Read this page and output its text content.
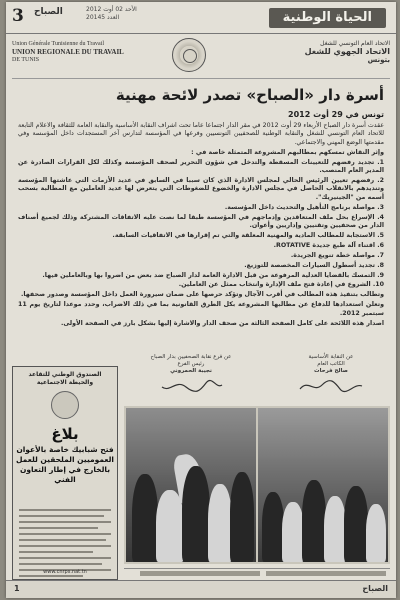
3 الصباح	الأحد 02 أوت 2012
العدد 20145	الحياة الوطنية
Union Générale Tunisienne du Travail
UNION REGIONALE DU TRAVAIL
DE TUNIS
الاتحاد العام التونسي للشغل
الاتحاد الجهوي للشغل
بتونس
أسرة دار «الصباح» تصدر لائحة مهنية
تونس في 29 أوت 2012

عقدت أسرة دار الصباح الأربعاء 29 أوت 2012 في مقر الدار اجتماعا عاما تحت اشراف النقابة الأساسية والنقابة العامة للثقافة والاعلام التابعة للاتحاد العام التونسي للشغل والنقابة الوطنية للصحفيين التونسيين وفرعها في المؤسسة لتدارس آخر المستجدات داخل المؤسسة وفي مقدمتها الوضع المهني والاجتماعي.

وإثر النقاش تمسكهم بمطالبهم المشروعة المتمثلة خاصة في :

1. تجديد رفضهم للتعيينات المسقطة والتدخل في شؤون التحرير لصحف المؤسسة وكذلك لكل القرارات الصادرة عن المدير العام المنصب.

2. رفضهم تعيين الرئيس الحالي لمجلس الادارة الذي كان سببا في السابق في عديد الأزمات التي عاشتها المؤسسة وتنديدهم بالانقلاب الحاصل في مجلس الادارة والخضوع للضغوطات التي يتعرض لها عديد العاملين مع المطالبة بسحب أسمه من "الجينيريك".

3. مواصلة برنامج التأهيل والتحديث داخل المؤسسة.

4. الإسراع بحل ملف المتعاقدين وإدماجهم في المؤسسة طبقا لما نصت عليه الاتفاقات المشتركة وذلك لجميع أصناف الدار من صحفيين وتقنيين وإداريين وأعوان.

5. الاستجابة للمطالب المادية والمهنية المعلقة والتي تم إقرارها في الاتفاقيات السابقة.

6. اقتناء آلة طبع جديدة ROTATIVE.

7. مواصلة خطة تنويع الجريدة.

8. تجديد أسطول السيارات المخصصة للتوزيع.

9. التمسك بالقضايا العدلية المرفوعة من قبل الادارة العامة لدار الصباح ضد بعض من اضروا بها وبالعاملين فيها.

10. الشروع في إعادة فتح ملف الإدارة وانتخاب ممثل عن العاملين.

وتطالب بتنفيذ هذه المطالب في أقرب الآجال وتؤكد حرصها على ضمان سيرورة العمل داخل المؤسسة وصدور صحفها.

وتعلن استعدادها للدفاع عن مطالبها المشروعة بكل الطرق القانونية بما في ذلك الاضراب، وحدد موعدا لتاريخ يوم 11 سبتمبر 2012.

اصدار هذه اللائحة على كامل الصفحة الثالثة من صحف الدار والاشارة إليها بشكل بارز في الصفحة الأولى.

عن النقابة الأساسية
الكاتب العام
صالح فرحات
عن فرع نقابة الصحفيين بدار الصباح
رئيس الفرع
نجيبة الحمروني
الصندوق الوطني للتقاعد والحيطة الاجتماعية
بلاغ
فتح شبابيك خاصة بالأعوان العموميين الملحقين للعمل بالخارج في إطار التعاون الفني
www.cnrps.nat.tn
1	الصباح
